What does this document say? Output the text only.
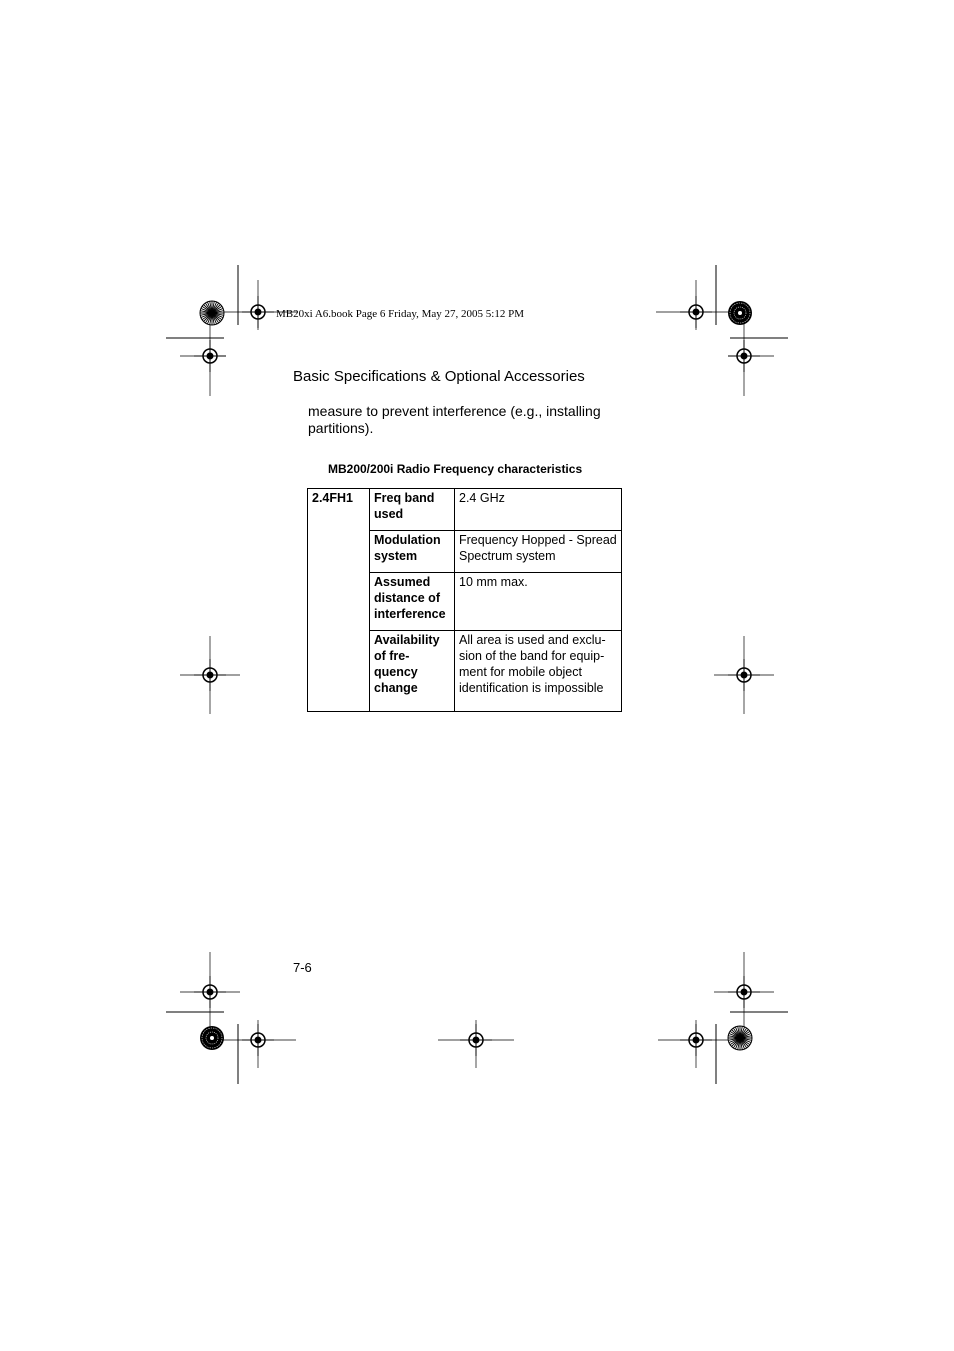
MB20xi A6.book Page 6 Friday, May 27, 2005 5:12 PM
Basic Specifications & Optional Accessories
measure to prevent interference (e.g., installing partitions).
MB200/200i Radio Frequency characteristics
2.4FH1	Freq band used	2.4 GHz
	Modulation system	Frequency Hopped - Spread Spectrum system
	Assumed distance of interference	10 mm max.
	Availability of fre-quency change	All area is used and exclu-sion of the band for equip-ment for mobile object identification is impossible
7-6
